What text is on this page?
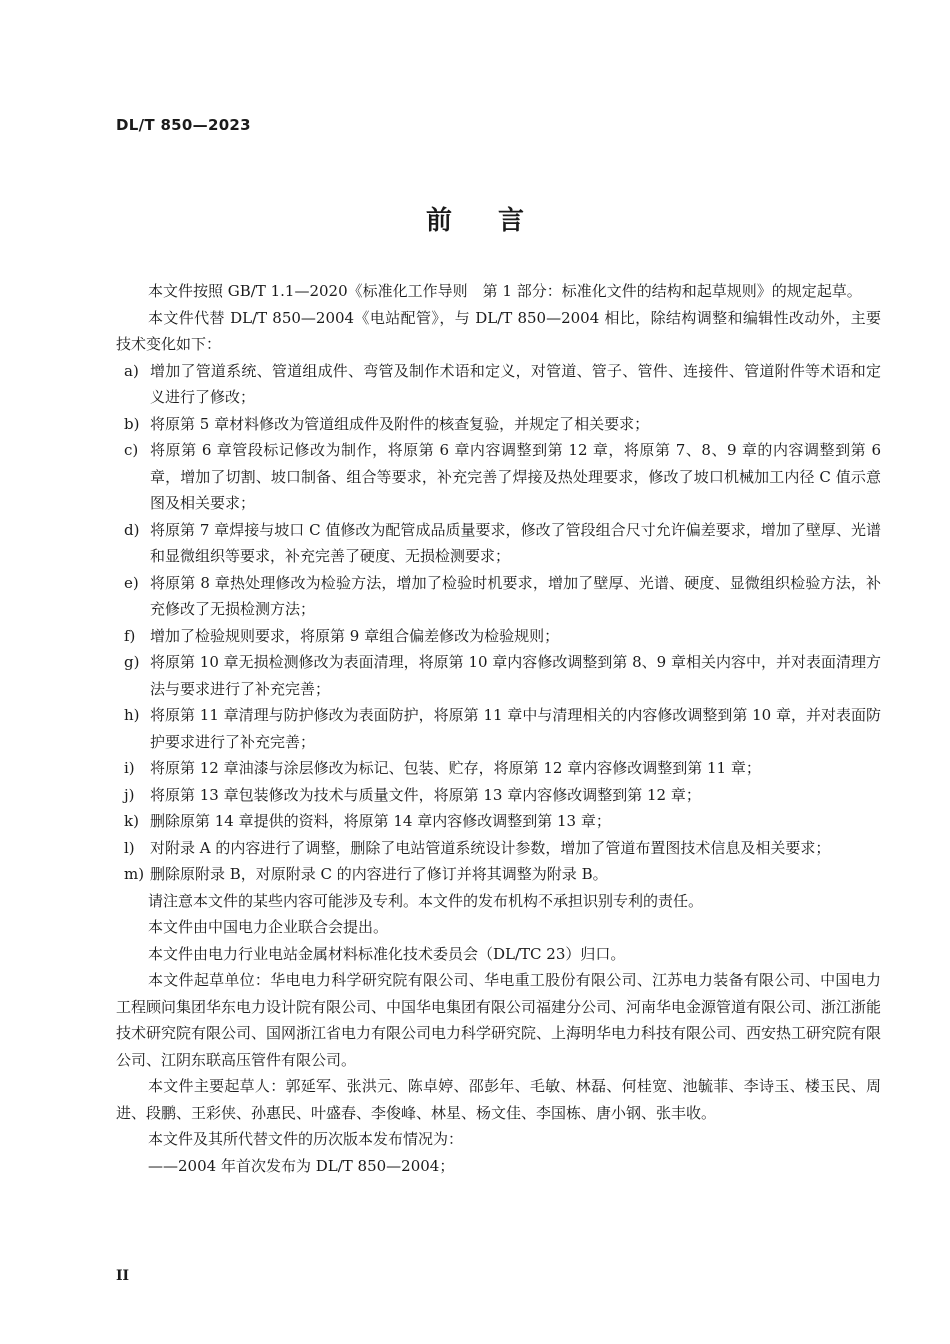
DL/T 850—2023
前言

本文件按照 GB/T 1.1—2020《标准化工作导则　第 1 部分：标准化文件的结构和起草规则》的规定起草。

本文件代替 DL/T 850—2004《电站配管》，与 DL/T 850—2004 相比，除结构调整和编辑性改动外，主要技术变化如下：

a) 增加了管道系统、管道组成件、弯管及制作术语和定义，对管道、管子、管件、连接件、管道附件等术语和定义进行了修改；

b) 将原第 5 章材料修改为管道组成件及附件的核查复验，并规定了相关要求；

c) 将原第 6 章管段标记修改为制作，将原第 6 章内容调整到第 12 章，将原第 7、8、9 章的内容调整到第 6 章，增加了切割、坡口制备、组合等要求，补充完善了焊接及热处理要求，修改了坡口机械加工内径 C 值示意图及相关要求；

d) 将原第 7 章焊接与坡口 C 值修改为配管成品质量要求，修改了管段组合尺寸允许偏差要求，增加了壁厚、光谱和显微组织等要求，补充完善了硬度、无损检测要求；

e) 将原第 8 章热处理修改为检验方法，增加了检验时机要求，增加了壁厚、光谱、硬度、显微组织检验方法，补充修改了无损检测方法；

f) 增加了检验规则要求，将原第 9 章组合偏差修改为检验规则；

g) 将原第 10 章无损检测修改为表面清理，将原第 10 章内容修改调整到第 8、9 章相关内容中，并对表面清理方法与要求进行了补充完善；

h) 将原第 11 章清理与防护修改为表面防护，将原第 11 章中与清理相关的内容修改调整到第 10 章，并对表面防护要求进行了补充完善；

i) 将原第 12 章油漆与涂层修改为标记、包装、贮存，将原第 12 章内容修改调整到第 11 章；

j) 将原第 13 章包装修改为技术与质量文件，将原第 13 章内容修改调整到第 12 章；

k) 删除原第 14 章提供的资料，将原第 14 章内容修改调整到第 13 章；

l) 对附录 A 的内容进行了调整，删除了电站管道系统设计参数，增加了管道布置图技术信息及相关要求；

m) 删除原附录 B，对原附录 C 的内容进行了修订并将其调整为附录 B。

请注意本文件的某些内容可能涉及专利。本文件的发布机构不承担识别专利的责任。

本文件由中国电力企业联合会提出。

本文件由电力行业电站金属材料标准化技术委员会（DL/TC 23）归口。

本文件起草单位：华电电力科学研究院有限公司、华电重工股份有限公司、江苏电力装备有限公司、中国电力工程顾问集团华东电力设计院有限公司、中国华电集团有限公司福建分公司、河南华电金源管道有限公司、浙江浙能技术研究院有限公司、国网浙江省电力有限公司电力科学研究院、上海明华电力科技有限公司、西安热工研究院有限公司、江阴东联高压管件有限公司。

本文件主要起草人：郭延军、张洪元、陈卓婷、邵彭年、毛敏、林磊、何桂宽、池毓菲、李诗玉、楼玉民、周进、段鹏、王彩侠、孙惠民、叶盛春、李俊峰、林星、杨文佳、李国栋、唐小钢、张丰收。

本文件及其所代替文件的历次版本发布情况为：

——2004 年首次发布为 DL/T 850—2004；

II
